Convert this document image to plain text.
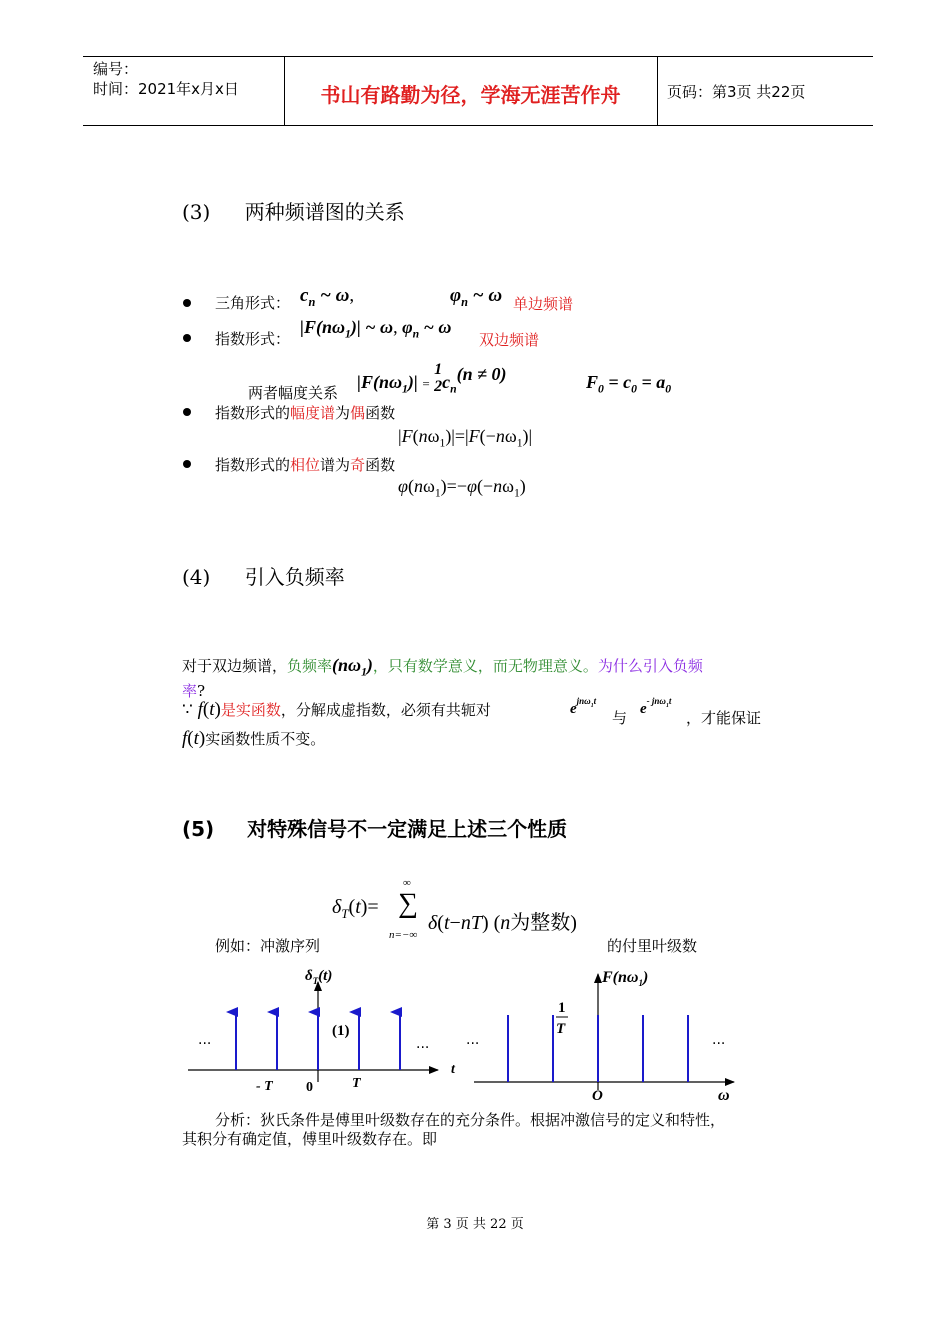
编号：
时间：2021年x月x日	书山有路勤为径，学海无涯苦作舟	页码：第3页 共22页
(3) 两种频谱图的关系
三角形式： $c_n$ ~ ω,	$\varphi_n$ ~ ω 单边频谱
指数形式：
$|F(n\omega_1)|$ ~ ω, $\varphi_n$ ~ ω
双边频谱
两者幅度关系
$|F(n\omega_1)| = 1$
$2c_n(n \ne 0)$	$F_0 = c_0 = a_0$
指数形式的幅度谱为偶函数
$|F(n\omega_1)|=|F(-n\omega_1)|$
指数形式的相位谱为奇函数
$\varphi(n\omega_1)=-\varphi(-n\omega_1)$
(4) 引入负频率
对于双边频谱，负频率$(n\omega_1)$，只有数学意义，而无物理意义。为什么引入负频
率?
∵ f(t)是实函数，分解成虚指数，必须有共轭对	$e^{jn\omega_1t}$
与 $e^{- jn\omega_1t}$
，才能保证
f(t)实函数性质不变。
(5) 对特殊信号不一定满足上述三个性质
$\delta_T(t)=$ ∑
∞
n=−∞
δ(t−nT) (n为整数)
例如：冲激序列	的付里叶级数
···	···
(1)
- T 0	T
t
$\delta_T(t)$
···	···
1
T
O	ω
$F(n\omega_1)$
分析：狄氏条件是傅里叶级数存在的充分条件。根据冲激信号的定义和特性，
其积分有确定值，傅里叶级数存在。即
第 3 页 共 22 页
